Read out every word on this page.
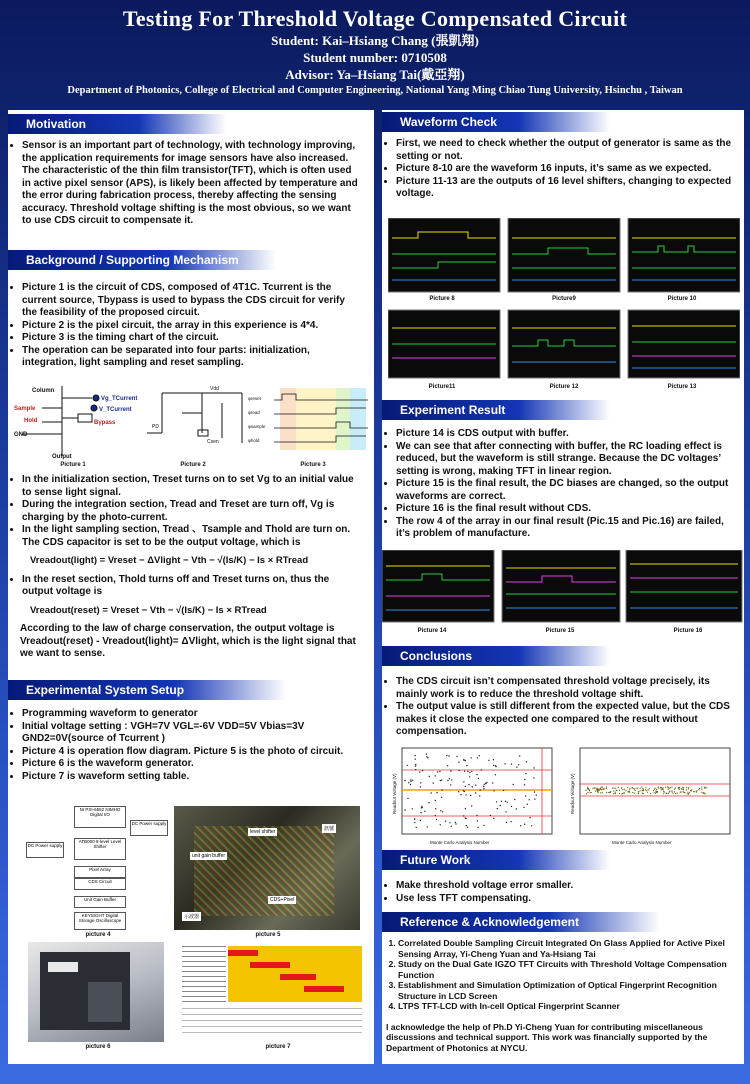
Testing For Threshold Voltage Compensated Circuit
Student: Kai–Hsiang Chang (張凱翔)
Student number: 0710508
Advisor: Ya–Hsiang Tai(戴亞翔)
Department of Photonics, College of Electrical and Computer Engineering, National Yang Ming Chiao Tung University, Hsinchu , Taiwan
Motivation
• Sensor is an important part of technology, with technology improving, the application requirements for image sensors have also increased. The characteristic of the thin film transistor(TFT), which is often used in active pixel sensor (APS), is likely been affected by temperature and the error during fabrication process, thereby affecting the sensing accuracy. Threshold voltage shifting is the most obvious, so we want to use CDS circuit to compensate it.
Background / Supporting Mechanism
• Picture 1 is the circuit of CDS, composed of 4T1C. Tcurrent is the current source, Tbypass is used to bypass the CDS circuit for verify the feasibility of the proposed circuit.
• Picture 2 is the pixel circuit, the array in this experience is 4*4.
• Picture 3 is the timing chart of the circuit.
• The operation can be separated into four parts: initialization, integration, light sampling and reset sampling.
Column
Vg_TCurrent
V_TCurrent
Sample
Hold
GND
Bypass
Output
Vdd
PD
Csen
φreset
φread
φsample
φhold
Picture 1	Picture 2	Picture 3
• In the initialization section, Treset turns on to set Vg to an initial value to sense light signal.
• During the integration section, Tread and Treset are turn off, Vg is charging by the photo-current.
• In the light sampling section, Tread 、Tsample and Thold are turn on. The CDS capacitor is set to be the output voltage, which is
Vreadout(light) = Vreset − ΔVlight − Vth − √(Is/K) − Is × RTread
• In the reset section, Thold turns off and Treset turns on, thus the output voltage is
Vreadout(reset) = Vreset − Vth − √(Is/K) − Is × RTread
According to the law of charge conservation, the output voltage is Vreadout(reset) - Vreadout(light)= ΔVlight, which is the light signal that we want to sense.
Experimental System Setup
• Programming waveform to generator
• Initial voltage setting : VGH=7V VGL=-6V VDD=5V Vbias=3V GND2=0V(source of Tcurrent )
• Picture 4 is operation flow diagram. Picture 5 is the photo of circuit.
• Picture 6 is the waveform generator.
• Picture 7 is waveform setting table.
NI PXI-6552 NIMHO Digital I/O
DC Power supply
DC Power supply
ATB000 8-level Level Shifter
Pixel Array
CDS Circuit
Unit Gain Buffer
KEYSIGHT Digital Storage Oscilloscope
picture 4
level shifter
unit gain buffer
CDS+Pixel
示波器
訊號
picture 5
picture 6	picture 7
Waveform Check
• First, we need to check whether the output of generator is same as the setting or not.
• Picture 8-10 are the waveform 16 inputs, it’s same as we expected.
• Picture 11-13 are the outputs of 16 level shifters, changing to expected voltage.
Picture 8	Picture9	Picture 10
Picture11	Picture 12	Picture 13
Experiment Result
• Picture 14 is CDS output with buffer.
• We can see that after connecting with buffer, the RC loading effect is reduced, but the waveform is still strange. Because the DC voltages’ setting is wrong, making TFT in linear region.
• Picture 15 is the final result, the DC biases are changed, so the output waveforms are correct.
• Picture 16 is the final result without CDS.
• The row 4 of the array in our final result (Pic.15 and Pic.16) are failed, it’s problem of manufacture.
Picture 14	Picture 15	Picture 16
Conclusions
• The CDS circuit isn’t compensated threshold voltage precisely, its mainly work is to reduce the threshold voltage shift.
• The output value is still different from the expected value, but the CDS makes it close the expected one compared to the result without compensation.
Monte Carlo Analysis Number	Monte Carlo Analysis Number
Readout Voltage (V)	Readout Voltage (V)
Future Work
• Make threshold voltage error smaller.
• Use less TFT compensating.
Reference & Acknowledgement
1. Correlated Double Sampling Circuit Integrated On Glass Applied for Active Pixel Sensing Array, Yi-Cheng Yuan and Ya-Hsiang Tai
2. Study on the Dual Gate IGZO TFT Circuits with Threshold Voltage Compensation Function
3. Establishment and Simulation Optimization of Optical Fingerprint Recognition Structure in LCD Screen
4. LTPS TFT-LCD with In-cell Optical Fingerprint Scanner
I acknowledge the help of Ph.D Yi-Cheng Yuan for contributing miscellaneous discussions and technical support. This work was financially supported by the Department of Photonics at NYCU.
